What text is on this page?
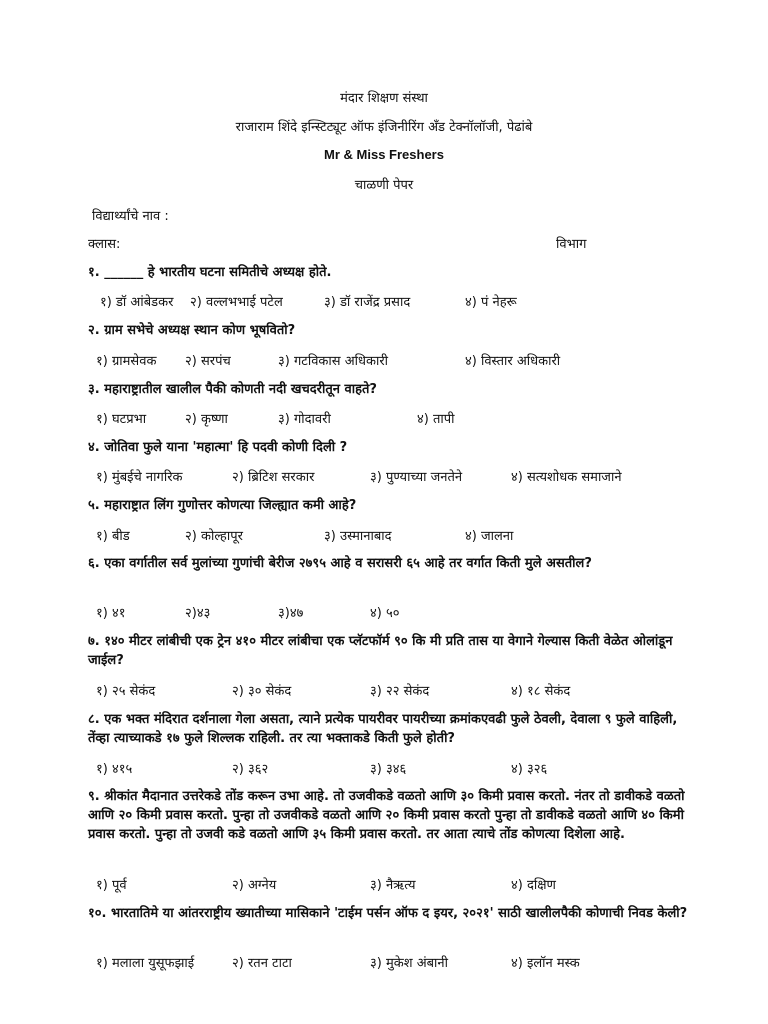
मंदार शिक्षण संस्था
राजाराम शिंदे इन्स्टिट्यूट ऑफ इंजिनीरिंग अँड टेक्नॉलॉजी, पेढांबे
Mr & Miss Freshers
चाळणी पेपर
विद्यार्थ्यांचे नाव :
क्लास:	विभाग
१. ______ हे भारतीय घटना समितीचे अध्यक्ष होते.
१) डॉ आंबेडकर २) वल्लभभाई पटेल	३) डॉ राजेंद्र प्रसाद	४) पं नेहरू
२. ग्राम सभेचे अध्यक्ष स्थान कोण भूषवितो?
१) ग्रामसेवक २) सरपंच	३) गटविकास अधिकारी	४) विस्तार अधिकारी
३. महाराष्ट्रातील खालील पैकी कोणती नदी खचदरीतून वाहते?
१) घटप्रभा	२) कृष्णा	३) गोदावरी	४) तापी
४. जोतिवा फुले याना 'महात्मा' हि पदवी कोणी दिली ?
१) मुंबईचे नागरिक	२) ब्रिटिश सरकार	३) पुण्याच्या जनतेने	४) सत्यशोधक समाजाने
५. महाराष्ट्रात लिंग गुणोत्तर कोणत्या जिल्ह्यात कमी आहे?
१) बीड	२) कोल्हापूर	३) उस्मानाबाद	४) जालना
६. एका वर्गातील सर्व मुलांच्या गुणांची बेरीज २७९५ आहे व सरासरी ६५ आहे तर वर्गात किती मुले असतील?
१) ४१	२)४३	३)४७	४) ५०
७. १४० मीटर लांबीची एक ट्रेन ४१० मीटर लांबीचा एक प्लॅटफॉर्म ९० कि मी प्रति तास या वेगाने गेल्यास किती वेळेत ओलांडून जाईल?
१) २५ सेकंद	२) ३० सेकंद	३) २२ सेकंद	४) १८ सेकंद
८. एक भक्त मंदिरात दर्शनाला गेला असता, त्याने प्रत्येक पायरीवर पायरीच्या क्रमांकएवढी फुले ठेवली, देवाला ९ फुले वाहिली, तेंव्हा त्याच्याकडे १७ फुले शिल्लक राहिली. तर त्या भक्ताकडे किती फुले होती?
१) ४१५	२) ३६२	३) ३४६	४) ३२६
९. श्रीकांत मैदानात उत्तरेकडे तोंड करून उभा आहे. तो उजवीकडे वळतो आणि ३० किमी प्रवास करतो. नंतर तो डावीकडे वळतो आणि २० किमी प्रवास करतो. पुन्हा तो उजवीकडे वळतो आणि २० किमी प्रवास करतो पुन्हा तो डावीकडे वळतो आणि ४० किमी प्रवास करतो. पुन्हा तो उजवी कडे वळतो आणि ३५ किमी प्रवास करतो. तर आता त्याचे तोंड कोणत्या दिशेला आहे.
१) पूर्व	२) अग्नेय	३) नैऋत्य	४) दक्षिण
१०. भारतातिमे या आंतरराष्ट्रीय ख्यातीच्या मासिकाने 'टाईम पर्सन ऑफ द इयर, २०२१' साठी खालीलपैकी कोणाची निवड केली?
१) मलाला युसूफझाई	२) रतन टाटा	३) मुकेश अंबानी	४) इलॉन मस्क
